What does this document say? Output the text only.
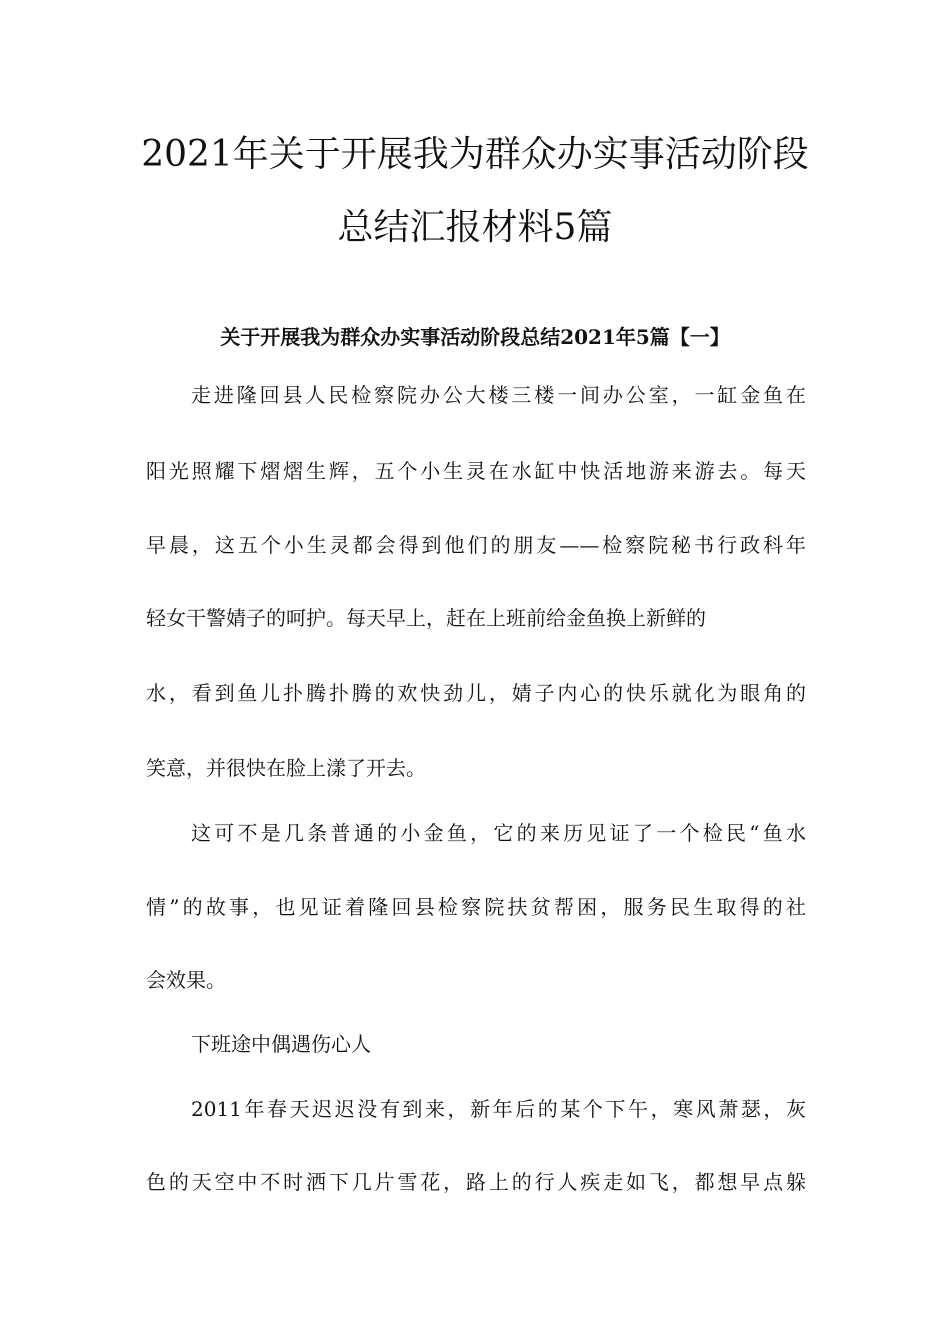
2021年关于开展我为群众办实事活动阶段
总结汇报材料5篇
关于开展我为群众办实事活动阶段总结2021年5篇【一】

走进隆回县人民检察院办公大楼三楼一间办公室，一缸金鱼在

阳光照耀下熠熠生辉，五个小生灵在水缸中快活地游来游去。每天

早晨，这五个小生灵都会得到他们的朋友——检察院秘书行政科年

轻女干警婧子的呵护。每天早上，赶在上班前给金鱼换上新鲜的

水，看到鱼儿扑腾扑腾的欢快劲儿，婧子内心的快乐就化为眼角的

笑意，并很快在脸上漾了开去。

这可不是几条普通的小金鱼，它的来历见证了一个检民“鱼水

情”的故事，也见证着隆回县检察院扶贫帮困，服务民生取得的社

会效果。

下班途中偶遇伤心人

2011年春天迟迟没有到来，新年后的某个下午，寒风萧瑟，灰

色的天空中不时洒下几片雪花，路上的行人疾走如飞，都想早点躲
